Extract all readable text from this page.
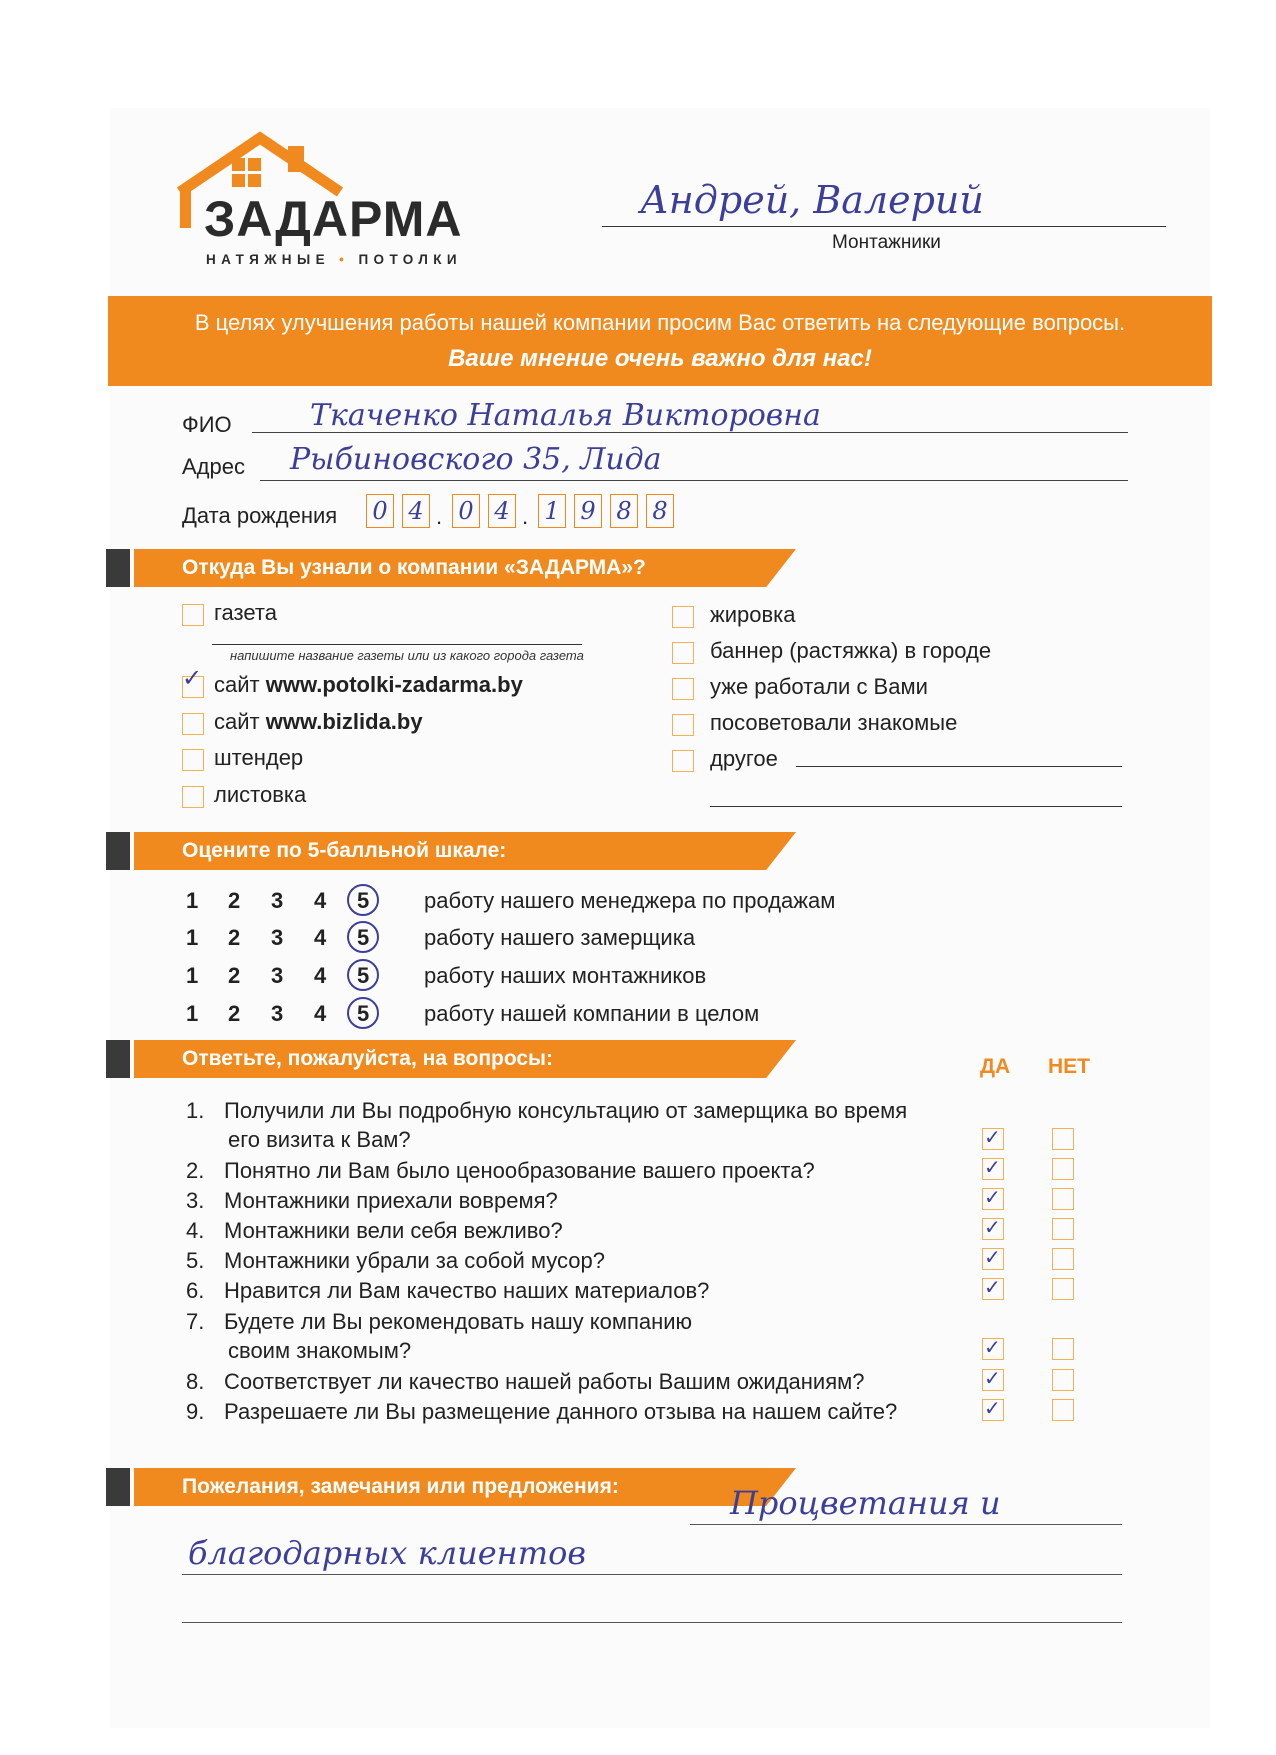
ЗАДАРМА
НАТЯЖНЫЕ • ПОТОЛКИ
Андрей, Валерий
Монтажники
В целях улучшения работы нашей компании просим Вас ответить на следующие вопросы.
Ваше мнение очень важно для нас!
ФИО	Ткаченко Наталья Викторовна
Адрес Рыбиновского 35, Лида
Дата рождения 0 4 . 0 4 . 1 9 8 8
Откуда Вы узнали о компании «ЗАДАРМА»?
газета
напишите название газеты или из какого города газета
✓ сайт www.potolki-zadarma.by
сайт www.bizlida.by
штендер
листовка
жировка
баннер (растяжка) в городе
уже работали с Вами
посоветовали знакомые
другое
Оцените по 5-балльной шкале:
1 2 3 4 5 работу нашего менеджера по продажам
1 2 3 4 5 работу нашего замерщика
1 2 3 4 5 работу наших монтажников
1 2 3 4 5 работу нашей компании в целом
Ответьте, пожалуйста, на вопросы:	ДА НЕТ
1. Получили ли Вы подробную консультацию от замерщика во время
его визита к Вам?	✓
2. Понятно ли Вам было ценообразование вашего проекта?	✓
3. Монтажники приехали вовремя?	✓
4. Монтажники вели себя вежливо?	✓
5. Монтажники убрали за собой мусор?	✓
6. Нравится ли Вам качество наших материалов?	✓
7. Будете ли Вы рекомендовать нашу компанию
своим знакомым?	✓
8. Соответствует ли качество нашей работы Вашим ожиданиям?	✓
9. Разрешаете ли Вы размещение данного отзыва на нашем сайте?	✓
Пожелания, замечания или предложения:	Процветания и
благодарных клиентов
